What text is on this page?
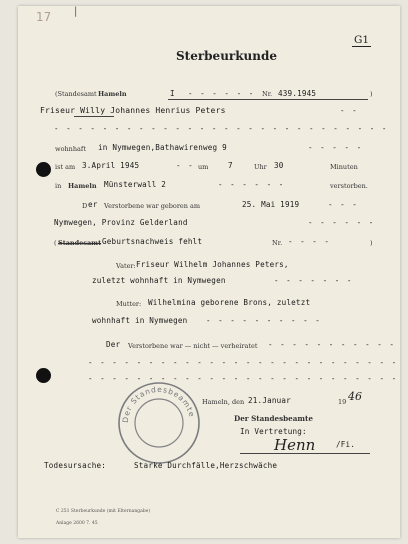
17 |
G1
Sterbeurkunde
(Standesamt Hameln	I - - - - - - Nr. 439.1945	)
Friseur Willy Johannes Henrius Peters	- -
- - - - - - - - - - - - - - - - - - - - - - - - - - - -
wohnhaft in Nymwegen,Bathawirenweg 9	- - - - -
ist am 3.April 1945	- - um	7	Uhr 30	Minuten
in Hameln Münsterwall 2	- - - - - -	verstorben.
D er Verstorbene war geboren am	25. Mai 1919	- - -
Nymwegen, Provinz Gelderland	- - - - - -
( Standesamt Geburtsnachweis fehlt	Nr. - - - -	)
Vater: Friseur Wilhelm Johannes Peters,
zuletzt wohnhaft in Nymwegen	- - - - - - -
Mutter: Wilhelmina geborene Brons, zuletzt
wohnhaft in Nymwegen - - - - - - - - - -
Der Verstorbene war — nicht — verheiratet - - - - - - - - - - -
- - - - - - - - - - - - - - - - - - - - - - - - - -
- - - - - - - - - - - - - - - - - - - - - - - - - -
Der Standesbeamte
Hameln, den 21.Januar	19 46
Der Standesbeamte
In Vertretung:
Henn	/Fi.
Todesursache:	Starke Durchfälle,Herzschwäche
C 251 Sterbeurkunde (mit Elternangabe)
Anlage 2600 7. 45
